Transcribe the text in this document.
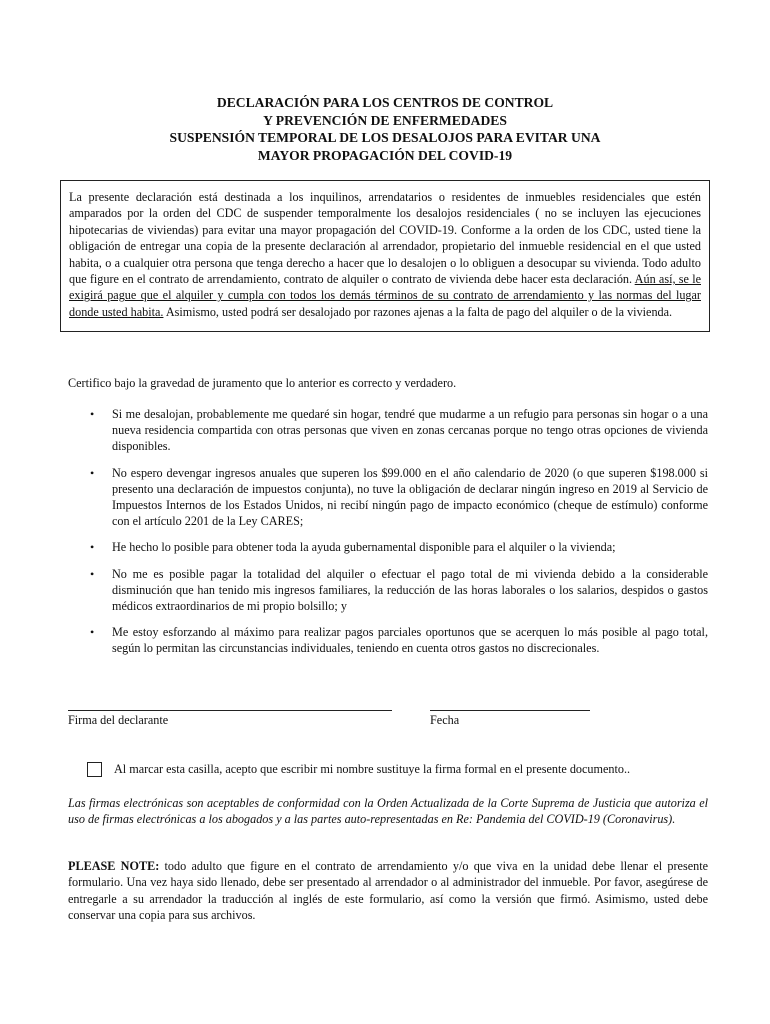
DECLARACIÓN PARA LOS CENTROS DE CONTROL
Y PREVENCIÓN DE ENFERMEDADES
SUSPENSIÓN TEMPORAL DE LOS DESALOJOS PARA EVITAR UNA
MAYOR PROPAGACIÓN DEL COVID-19

La presente declaración está destinada a los inquilinos, arrendatarios o residentes de inmuebles residenciales que estén amparados por la orden del CDC de suspender temporalmente los desalojos residenciales ( no se incluyen las ejecuciones hipotecarias de viviendas) para evitar una mayor propagación del COVID-19. Conforme a la orden de los CDC, usted tiene la obligación de entregar una copia de la presente declaración al arrendador, propietario del inmueble residencial en el que usted habita, o a cualquier otra persona que tenga derecho a hacer que lo desalojen o lo obliguen a desocupar su vivienda. Todo adulto que figure en el contrato de arrendamiento, contrato de alquiler o contrato de vivienda debe hacer esta declaración. Aún así, se le exigirá pague que el alquiler y cumpla con todos los demás términos de su contrato de arrendamiento y las normas del lugar donde usted habita. Asimismo, usted podrá ser desalojado por razones ajenas a la falta de pago del alquiler o de la vivienda.

Certifico bajo la gravedad de juramento que lo anterior es correcto y verdadero.
• Si me desalojan, probablemente me quedaré sin hogar, tendré que mudarme a un refugio para personas sin hogar o a una nueva residencia compartida con otras personas que viven en zonas cercanas porque no tengo otras opciones de vivienda disponibles.
• No espero devengar ingresos anuales que superen los $99.000 en el año calendario de 2020 (o que superen $198.000 si presento una declaración de impuestos conjunta), no tuve la obligación de declarar ningún ingreso en 2019 al Servicio de Impuestos Internos de los Estados Unidos, ni recibí ningún pago de impacto económico (cheque de estímulo) conforme con el artículo 2201 de la Ley CARES;
• He hecho lo posible para obtener toda la ayuda gubernamental disponible para el alquiler o la vivienda;
• No me es posible pagar la totalidad del alquiler o efectuar el pago total de mi vivienda debido a la considerable disminución que han tenido mis ingresos familiares, la reducción de las horas laborales o los salarios, despidos o gastos médicos extraordinarios de mi propio bolsillo; y
• Me estoy esforzando al máximo para realizar pagos parciales oportunos que se acerquen lo más posible al pago total, según lo permitan las circunstancias individuales, teniendo en cuenta otros gastos no discrecionales.
Firma del declarante	Fecha
Al marcar esta casilla, acepto que escribir mi nombre sustituye la firma formal en el presente documento..
Las firmas electrónicas son aceptables de conformidad con la Orden Actualizada de la Corte Suprema de Justicia que autoriza el uso de firmas electrónicas a los abogados y a las partes auto-representadas en Re: Pandemia del COVID-19 (Coronavirus).
PLEASE NOTE: todo adulto que figure en el contrato de arrendamiento y/o que viva en la unidad debe llenar el presente formulario. Una vez haya sido llenado, debe ser presentado al arrendador o al administrador del inmueble. Por favor, asegúrese de entregarle a su arrendador la traducción al inglés de este formulario, así como la versión que firmó. Asimismo, usted debe conservar una copia para sus archivos.
